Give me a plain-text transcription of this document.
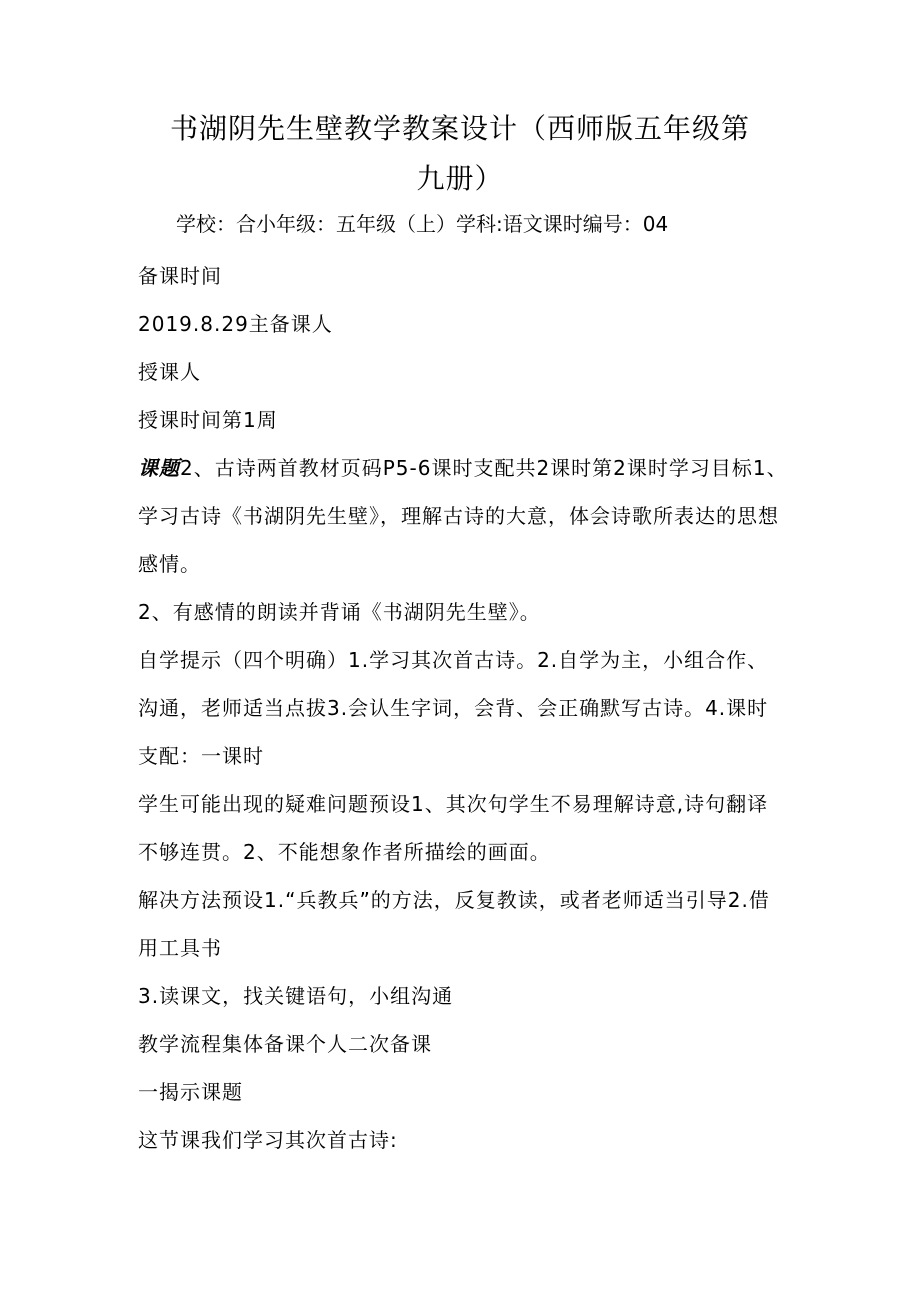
书湖阴先生壁教学教案设计（西师版五年级第
九册）
学校：合小年级：五年级（上）学科:语文课时编号：04

备课时间

2019.8.29主备课人

授课人

授课时间第1周

课题2、古诗两首教材页码P5-6课时支配共2课时第2课时学习目标1、学习古诗《书湖阴先生壁》，理解古诗的大意，体会诗歌所表达的思想感情。

2、有感情的朗读并背诵《书湖阴先生壁》。

自学提示（四个明确）1.学习其次首古诗。2.自学为主，小组合作、沟通，老师适当点拔3.会认生字词，会背、会正确默写古诗。4.课时支配：一课时

学生可能出现的疑难问题预设1、其次句学生不易理解诗意,诗句翻译不够连贯。2、不能想象作者所描绘的画面。

解决方法预设1.“兵教兵”的方法，反复教读，或者老师适当引导2.借用工具书

3.读课文，找关键语句，小组沟通

教学流程集体备课个人二次备课

一揭示课题

这节课我们学习其次首古诗:
